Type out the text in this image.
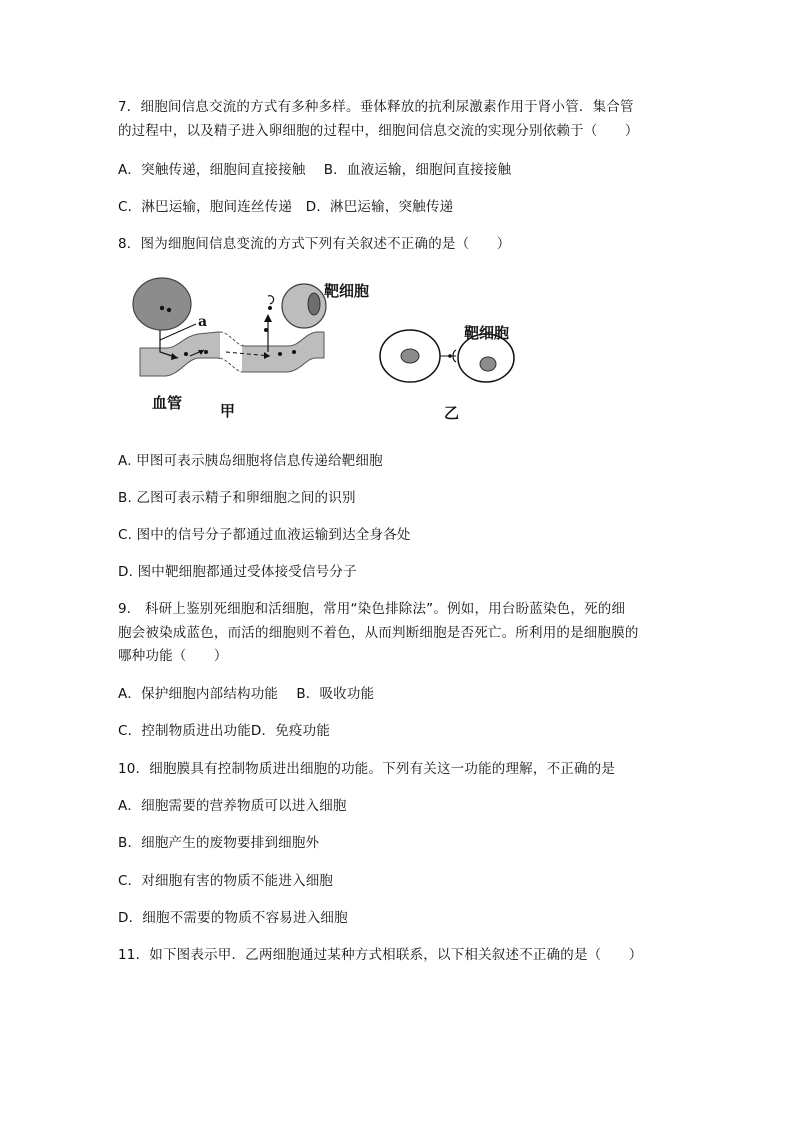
7．细胞间信息交流的方式有多种多样。垂体释放的抗利尿激素作用于肾小管．集合管
的过程中，以及精子进入卵细胞的过程中，细胞间信息交流的实现分别依赖于（　　）
A．突触传递，细胞间直接接触　 B．血液运输，细胞间直接接触
C．淋巴运输，胞间连丝传递　D．淋巴运输，突触传递
8．图为细胞间信息变流的方式下列有关叙述不正确的是（　　）
靶细胞
a
血管	甲
靶细胞
乙
A. 甲图可表示胰岛细胞将信息传递给靶细胞
B. 乙图可表示精子和卵细胞之间的识别
C. 图中的信号分子都通过血液运输到达全身各处
D. 图中靶细胞都通过受体接受信号分子
9． 科研上鉴别死细胞和活细胞，常用“染色排除法”。例如，用台盼蓝染色，死的细
胞会被染成蓝色，而活的细胞则不着色，从而判断细胞是否死亡。所利用的是细胞膜的
哪种功能（　　）
A．保护细胞内部结构功能　 B．吸收功能
C．控制物质进出功能D．免疫功能
10．细胞膜具有控制物质进出细胞的功能。下列有关这一功能的理解，不正确的是
A．细胞需要的营养物质可以进入细胞
B．细胞产生的废物要排到细胞外
C．对细胞有害的物质不能进入细胞
D．细胞不需要的物质不容易进入细胞
11．如下图表示甲．乙两细胞通过某种方式相联系，以下相关叙述不正确的是（　　）
